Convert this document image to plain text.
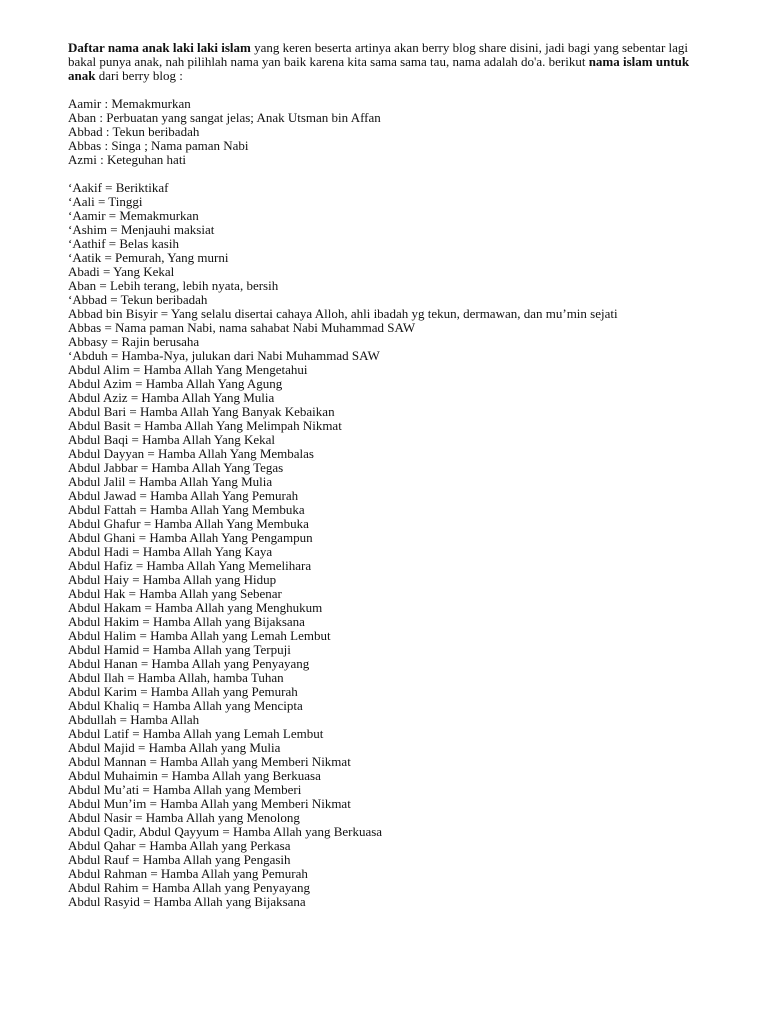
Daftar nama anak laki laki islam yang keren beserta artinya akan berry blog share disini, jadi bagi yang sebentar lagi bakal punya anak, nah pilihlah nama yan baik karena kita sama sama tau, nama adalah do'a. berikut nama islam untuk anak dari berry blog :

Aamir : Memakmurkan
Aban : Perbuatan yang sangat jelas; Anak Utsman bin Affan
Abbad : Tekun beribadah
Abbas : Singa ; Nama paman Nabi
Azmi : Keteguhan hati
‘Aakif = Beriktikaf
‘Aali = Tinggi
‘Aamir = Memakmurkan
‘Ashim = Menjauhi maksiat
‘Aathif = Belas kasih
‘Aatik = Pemurah, Yang murni
Abadi = Yang Kekal
Aban = Lebih terang, lebih nyata, bersih
‘Abbad = Tekun beribadah
Abbad bin Bisyir = Yang selalu disertai cahaya Alloh, ahli ibadah yg tekun, dermawan, dan mu’min sejati
Abbas = Nama paman Nabi, nama sahabat Nabi Muhammad SAW
Abbasy = Rajin berusaha
‘Abduh = Hamba-Nya, julukan dari Nabi Muhammad SAW
Abdul Alim = Hamba Allah Yang Mengetahui
Abdul Azim = Hamba Allah Yang Agung
Abdul Aziz = Hamba Allah Yang Mulia
Abdul Bari = Hamba Allah Yang Banyak Kebaikan
Abdul Basit = Hamba Allah Yang Melimpah Nikmat
Abdul Baqi = Hamba Allah Yang Kekal
Abdul Dayyan = Hamba Allah Yang Membalas
Abdul Jabbar = Hamba Allah Yang Tegas
Abdul Jalil = Hamba Allah Yang Mulia
Abdul Jawad = Hamba Allah Yang Pemurah
Abdul Fattah = Hamba Allah Yang Membuka
Abdul Ghafur = Hamba Allah Yang Membuka
Abdul Ghani = Hamba Allah Yang Pengampun
Abdul Hadi = Hamba Allah Yang Kaya
Abdul Hafiz = Hamba Allah Yang Memelihara
Abdul Haiy = Hamba Allah yang Hidup
Abdul Hak = Hamba Allah yang Sebenar
Abdul Hakam = Hamba Allah yang Menghukum
Abdul Hakim = Hamba Allah yang Bijaksana
Abdul Halim = Hamba Allah yang Lemah Lembut
Abdul Hamid = Hamba Allah yang Terpuji
Abdul Hanan = Hamba Allah yang Penyayang
Abdul Ilah = Hamba Allah, hamba Tuhan
Abdul Karim = Hamba Allah yang Pemurah
Abdul Khaliq = Hamba Allah yang Mencipta
Abdullah = Hamba Allah
Abdul Latif = Hamba Allah yang Lemah Lembut
Abdul Majid = Hamba Allah yang Mulia
Abdul Mannan = Hamba Allah yang Memberi Nikmat
Abdul Muhaimin = Hamba Allah yang Berkuasa
Abdul Mu’ati = Hamba Allah yang Memberi
Abdul Mun’im = Hamba Allah yang Memberi Nikmat
Abdul Nasir = Hamba Allah yang Menolong
Abdul Qadir, Abdul Qayyum = Hamba Allah yang Berkuasa
Abdul Qahar = Hamba Allah yang Perkasa
Abdul Rauf = Hamba Allah yang Pengasih
Abdul Rahman = Hamba Allah yang Pemurah
Abdul Rahim = Hamba Allah yang Penyayang
Abdul Rasyid = Hamba Allah yang Bijaksana
